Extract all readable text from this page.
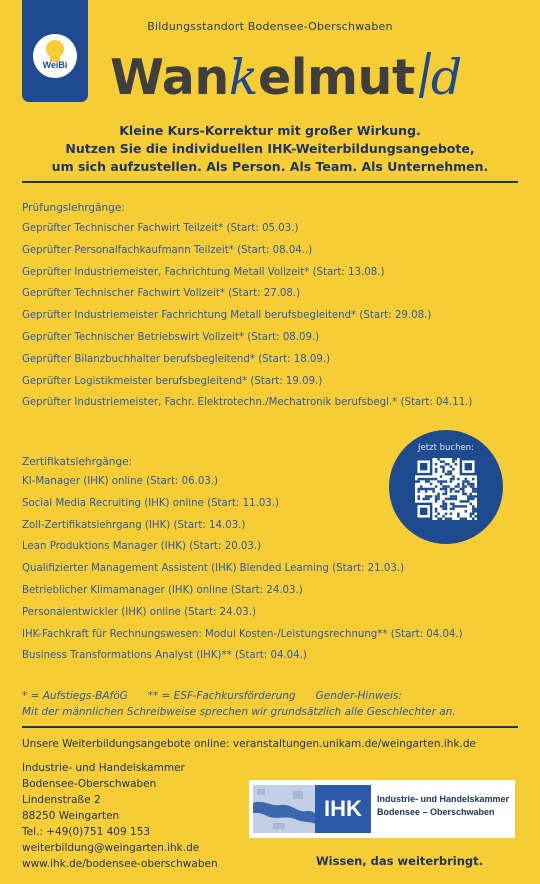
WeiBi
Bildungsstandort Bodensee-Oberschwaben
Wankelmut d
Kleine Kurs-Korrektur mit großer Wirkung.
Nutzen Sie die individuellen IHK-Weiterbildungsangebote,
um sich aufzustellen. Als Person. Als Team. Als Unternehmen.
Prüfungslehrgänge:
Geprüfter Technischer Fachwirt Teilzeit* (Start: 05.03.)
Geprüfter Personalfachkaufmann Teilzeit* (Start: 08.04..)
Geprüfter Industriemeister, Fachrichtung Metall Vollzeit* (Start: 13.08.)
Geprüfter Technischer Fachwirt Vollzeit* (Start: 27.08.)
Geprüfter Industriemeister Fachrichtung Metall berufsbegleitend* (Start: 29.08.)
Geprüfter Technischer Betriebswirt Vollzeit* (Start: 08.09.)
Geprüfter Bilanzbuchhalter berufsbegleitend* (Start: 18.09.)
Geprüfter Logistikmeister berufsbegleitend* (Start: 19.09.)
Geprüfter Industriemeister, Fachr. Elektrotechn./Mechatronik berufsbegl.* (Start: 04.11.)
Zertifikatslehrgänge:
KI-Manager (IHK) online (Start: 06.03.)
Social Media Recruiting (IHK) online (Start: 11.03.)
Zoll-Zertifikatslehrgang (IHK) (Start: 14.03.)
Lean Produktions Manager (IHK) (Start: 20.03.)
Qualifizierter Management Assistent (IHK) Blended Learning (Start: 21.03.)
Betrieblicher Klimamanager (IHK) online (Start: 24.03.)
Personalentwickler (IHK) online (Start: 24.03.)
IHK-Fachkraft für Rechnungswesen: Modul Kosten-/Leistungsrechnung** (Start: 04.04.)
Business Transformations Analyst (IHK)** (Start: 04.04.)
Jetzt buchen:
* = Aufstiegs-BAföG ** = ESF-Fachkursförderung Gender-Hinweis:
Mit der männlichen Schreibweise sprechen wir grundsätzlich alle Geschlechter an.
Unsere Weiterbildungsangebote online: veranstaltungen.unikam.de/weingarten.ihk.de
Industrie- und Handelskammer
Bodensee-Oberschwaben
Lindenstraße 2
88250 Weingarten
Tel.: +49(0)751 409 153
weiterbildung@weingarten.ihk.de
www.ihk.de/bodensee-oberschwaben
IHK	Industrie- und Handelskammer
Bodensee – Oberschwaben
Wissen, das weiterbringt.
